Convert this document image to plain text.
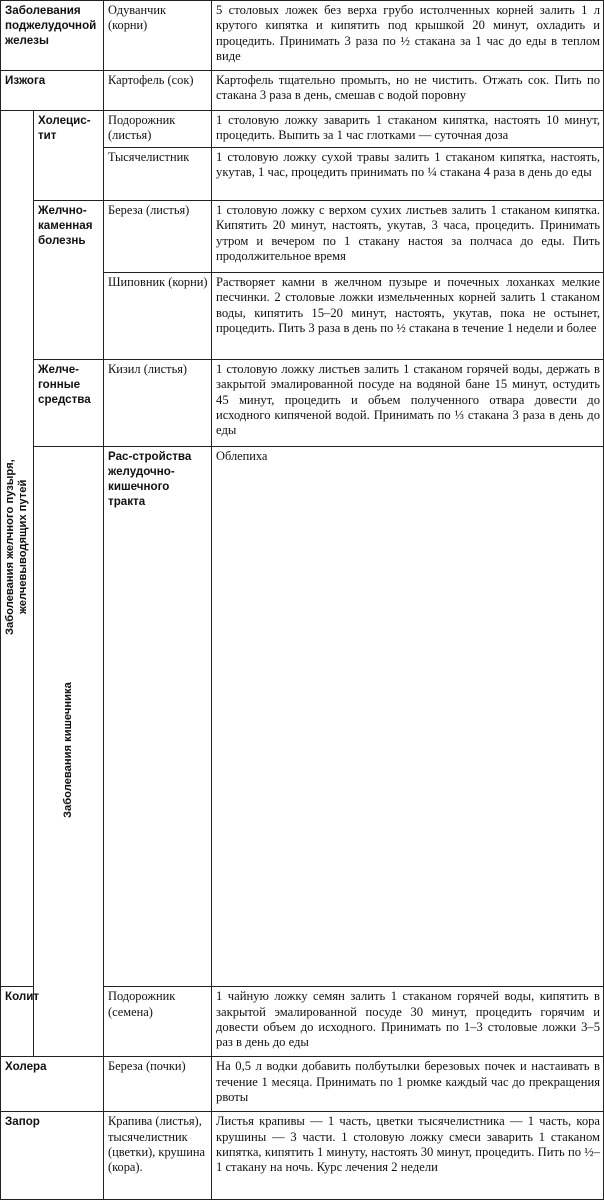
Заболевания поджелудочной железы		Одуванчик (корни)	5 столовых ложек без верха грубо истолченных корней залить 1 л крутого кипятка и кипятить под крышкой 20 минут, охладить и процедить. Принимать 3 раза по ½ стакана за 1 час до еды в теплом виде	
Изжога		Картофель (сок)	Картофель тщательно промыть, но не чистить. Отжать сок. Пить по стакана 3 раза в день, смешав с водой поровну	
Заболевания желчного пузыря, желчевыводящих путей	Холецис-тит	Подорожник (листья)	1 столовую ложку заварить 1 стаканом кипятка, настоять 10 минут, процедить. Выпить за 1 час глотками — суточная доза	
		Тысячелистник	1 столовую ложку сухой травы залить 1 стаканом кипятка, настоять, укутав, 1 час, процедить принимать по ¼ стакана 4 раза в день до еды	
	Желчно-каменная болезнь	Береза (листья)	1 столовую ложку с верхом сухих листьев залить 1 стаканом кипятка. Кипятить 20 минут, настоять, укутав, 3 часа, процедить. Принимать утром и вечером по 1 стакану настоя за полчаса до еды. Пить продолжительное время	
		Шиповник (корни)	Растворяет камни в желчном пузыре и почечных лоханках мелкие песчинки. 2 столовые ложки измельченных корней залить 1 стаканом воды, кипятить 15–20 минут, настоять, укутав, пока не остынет, процедить. Пить 3 раза в день по ½ стакана в течение 1 недели и более	
	Желче-гонные средства	Кизил (листья)	1 столовую ложку листьев залить 1 стаканом горячей воды, держать в закрытой эмалированной посуде на водяной бане 15 минут, остудить 45 минут, процедить и объем полученного отвара довести до исходного кипяченой водой. Принимать по ⅓ стакана 3 раза в день до еды	
	Заболевания кишечника	Рас-стройства желудочно-кишечного тракта	Облепиха	
Колит		Подорожник (семена)	1 чайную ложку семян залить 1 стаканом горячей воды, кипятить в закрытой эмалированной посуде 30 минут, процедить горячим и довести объем до исходного. Принимать по 1–3 столовые ложки 3–5 раз в день до еды	
Холера		Береза (почки)	На 0,5 л водки добавить полбутылки березовых почек и настаивать в течение 1 месяца. Принимать по 1 рюмке каждый час до прекращения рвоты	
Запор		Крапива (листья), тысячелистник (цветки), крушина (кора).	Листья крапивы — 1 часть, цветки тысячелистника — 1 часть, кора крушины — 3 части. 1 столовую ложку смеси заварить 1 стаканом кипятка, кипятить 1 минуту, настоять 30 минут, процедить. Пить по ½–1 стакану на ночь. Курс лечения 2 недели	
